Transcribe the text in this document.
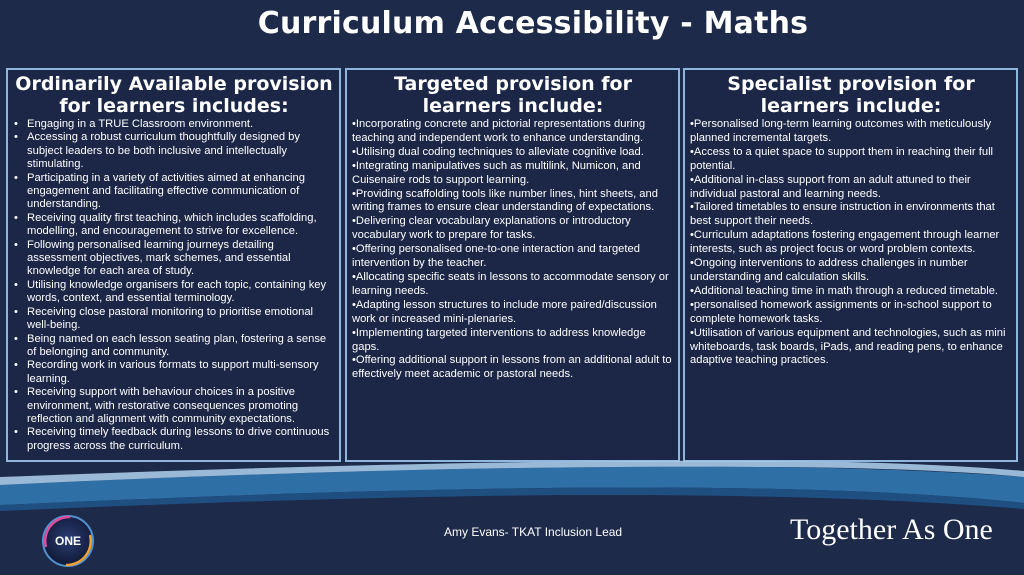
Curriculum Accessibility - Maths
Ordinarily Available provision for learners includes:
• Engaging in a TRUE Classroom environment.
• Accessing a robust curriculum thoughtfully designed by subject leaders to be both inclusive and intellectually stimulating.
• Participating in a variety of activities aimed at enhancing engagement and facilitating effective communication of understanding.
• Receiving quality first teaching, which includes scaffolding, modelling, and encouragement to strive for excellence.
• Following personalised learning journeys detailing assessment objectives, mark schemes, and essential knowledge for each area of study.
• Utilising knowledge organisers for each topic, containing key words, context, and essential terminology.
• Receiving close pastoral monitoring to prioritise emotional well-being.
• Being named on each lesson seating plan, fostering a sense of belonging and community.
• Recording work in various formats to support multi-sensory learning.
• Receiving support with behaviour choices in a positive environment, with restorative consequences promoting reflection and alignment with community expectations.
• Receiving timely feedback during lessons to drive continuous progress across the curriculum.
Targeted provision for learners include:
•Incorporating concrete and pictorial representations during teaching and independent work to enhance understanding.
•Utilising dual coding techniques to alleviate cognitive load.
•Integrating manipulatives such as multilink, Numicon, and Cuisenaire rods to support learning.
•Providing scaffolding tools like number lines, hint sheets, and writing frames to ensure clear understanding of expectations.
•Delivering clear vocabulary explanations or introductory vocabulary work to prepare for tasks.
•Offering personalised one-to-one interaction and targeted intervention by the teacher.
•Allocating specific seats in lessons to accommodate sensory or learning needs.
•Adapting lesson structures to include more paired/discussion work or increased mini-plenaries.
•Implementing targeted interventions to address knowledge gaps.
•Offering additional support in lessons from an additional adult to effectively meet academic or pastoral needs.
Specialist provision for learners include:
•Personalised long-term learning outcomes with meticulously planned incremental targets.
•Access to a quiet space to support them in reaching their full potential.
•Additional in-class support from an adult attuned to their individual pastoral and learning needs.
•Tailored timetables to ensure instruction in environments that best support their needs.
•Curriculum adaptations fostering engagement through learner interests, such as project focus or word problem contexts.
•Ongoing interventions to address challenges in number understanding and calculation skills.
•Additional teaching time in math through a reduced timetable.
•personalised homework assignments or in-school support to complete homework tasks.
•Utilisation of various equipment and technologies, such as mini whiteboards, task boards, iPads, and reading pens, to enhance adaptive teaching practices.
ONE
Amy Evans- TKAT Inclusion Lead	Together As One
